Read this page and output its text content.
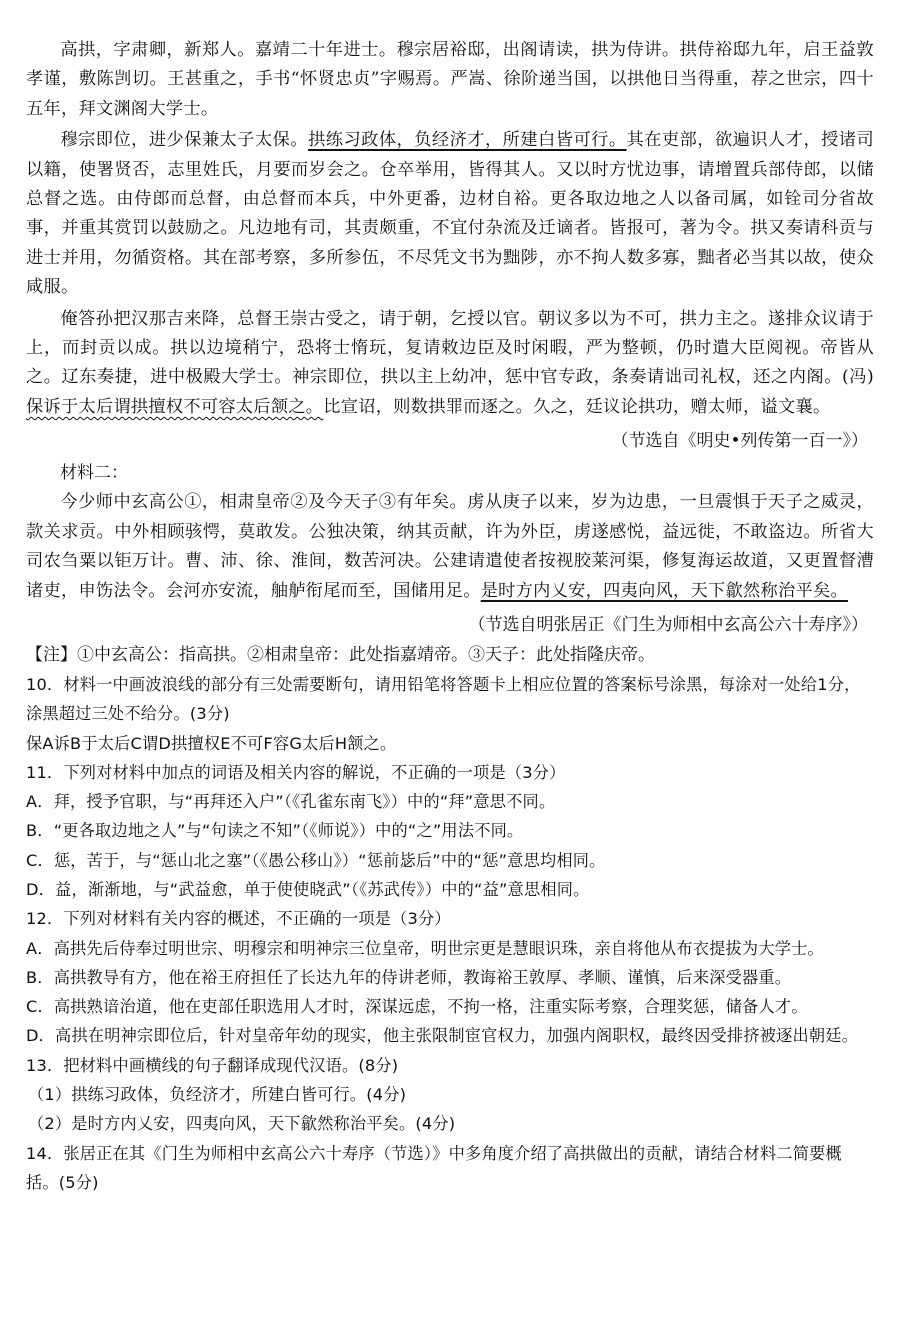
高拱，字肃卿，新郑人。嘉靖二十年进士。穆宗居裕邸，出阁请读，拱为侍讲。拱侍裕邸九年，启王益敦孝谨，敷陈剀切。王甚重之，手书“怀贤忠贞”字赐焉。严嵩、徐阶递当国，以拱他日当得重，荐之世宗，四十五年，拜文渊阁大学士。

穆宗即位，进少保兼太子太保。拱练习政体，负经济才，所建白皆可行。其在吏部，欲遍识人才，授诸司以籍，使署贤否，志里姓氏，月要而岁会之。仓卒举用，皆得其人。又以时方忧边事，请增置兵部侍郎，以储总督之选。由侍郎而总督，由总督而本兵，中外更番，边材自裕。更各取边地之人以备司属，如铨司分省故事，并重其赏罚以鼓励之。凡边地有司，其责颇重，不宜付杂流及迁谪者。皆报可，著为令。拱又奏请科贡与进士并用，勿循资格。其在部考察，多所参伍，不尽凭文书为黜陟，亦不拘人数多寡，黜者必当其以故，使众咸服。

俺答孙把汉那吉来降，总督王崇古受之，请于朝，乞授以官。朝议多以为不可，拱力主之。遂排众议请于上，而封贡以成。拱以边境稍宁，恐将士惰玩，复请敕边臣及时闲暇，严为整顿，仍时遣大臣阅视。帝皆从之。辽东奏捷，进中极殿大学士。神宗即位，拱以主上幼冲，惩中官专政，条奏请诎司礼权，还之内阁。(冯)保诉于太后谓拱擅权不可容太后颔之。比宣诏，则数拱罪而逐之。久之，廷议论拱功，赠太师，谥文襄。

（节选自《明史•列传第一百一》）

材料二：

今少师中玄高公①，相肃皇帝②及今天子③有年矣。虏从庚子以来，岁为边患，一旦震惧于天子之威灵，款关求贡。中外相顾骇愕，莫敢发。公独决策，纳其贡献，许为外臣，虏遂感悦，益远徙，不敢盗边。所省大司农刍粟以钜万计。曹、沛、徐、淮间，数苦河决。公建请遣使者按视胶莱河渠，修复海运故道，又更置督漕诸吏，申饬法令。会河亦安流，舳舻衔尾而至，国储用足。是时方内乂安，四夷向风，天下歙然称治平矣。

（节选自明张居正《门生为师相中玄高公六十寿序》）

【注】①中玄高公：指高拱。②相肃皇帝：此处指嘉靖帝。③天子：此处指隆庆帝。

10．材料一中画波浪线的部分有三处需要断句，请用铅笔将答题卡上相应位置的答案标号涂黑，每涂对一处给1分，涂黑超过三处不给分。(3分)

保A诉B于太后C谓D拱擅权E不可F容G太后H颔之。

11．下列对材料中加点的词语及相关内容的解说，不正确的一项是（3分）

A．拜，授予官职，与“再拜还入户”（《孔雀东南飞》）中的“拜”意思不同。

B．“更各取边地之人”与“句读之不知”（《师说》）中的“之”用法不同。

C．惩，苦于，与“惩山北之塞”（《愚公移山》）“惩前毖后”中的“惩”意思均相同。

D．益，渐渐地，与“武益愈，单于使使晓武”（《苏武传》）中的“益”意思相同。

12．下列对材料有关内容的概述，不正确的一项是（3分）

A．高拱先后侍奉过明世宗、明穆宗和明神宗三位皇帝，明世宗更是慧眼识珠，亲自将他从布衣提拔为大学士。

B．高拱教导有方，他在裕王府担任了长达九年的侍讲老师，教诲裕王敦厚、孝顺、谨慎，后来深受器重。

C．高拱熟谙治道，他在吏部任职选用人才时，深谋远虑，不拘一格，注重实际考察，合理奖惩，储备人才。

D．高拱在明神宗即位后，针对皇帝年幼的现实，他主张限制宦官权力，加强内阁职权，最终因受排挤被逐出朝廷。

13．把材料中画横线的句子翻译成现代汉语。(8分)

（1）拱练习政体，负经济才，所建白皆可行。(4分)

（2）是时方内乂安，四夷向风，天下歙然称治平矣。(4分)

14．张居正在其《门生为师相中玄高公六十寿序（节选）》中多角度介绍了高拱做出的贡献，请结合材料二简要概括。(5分)
